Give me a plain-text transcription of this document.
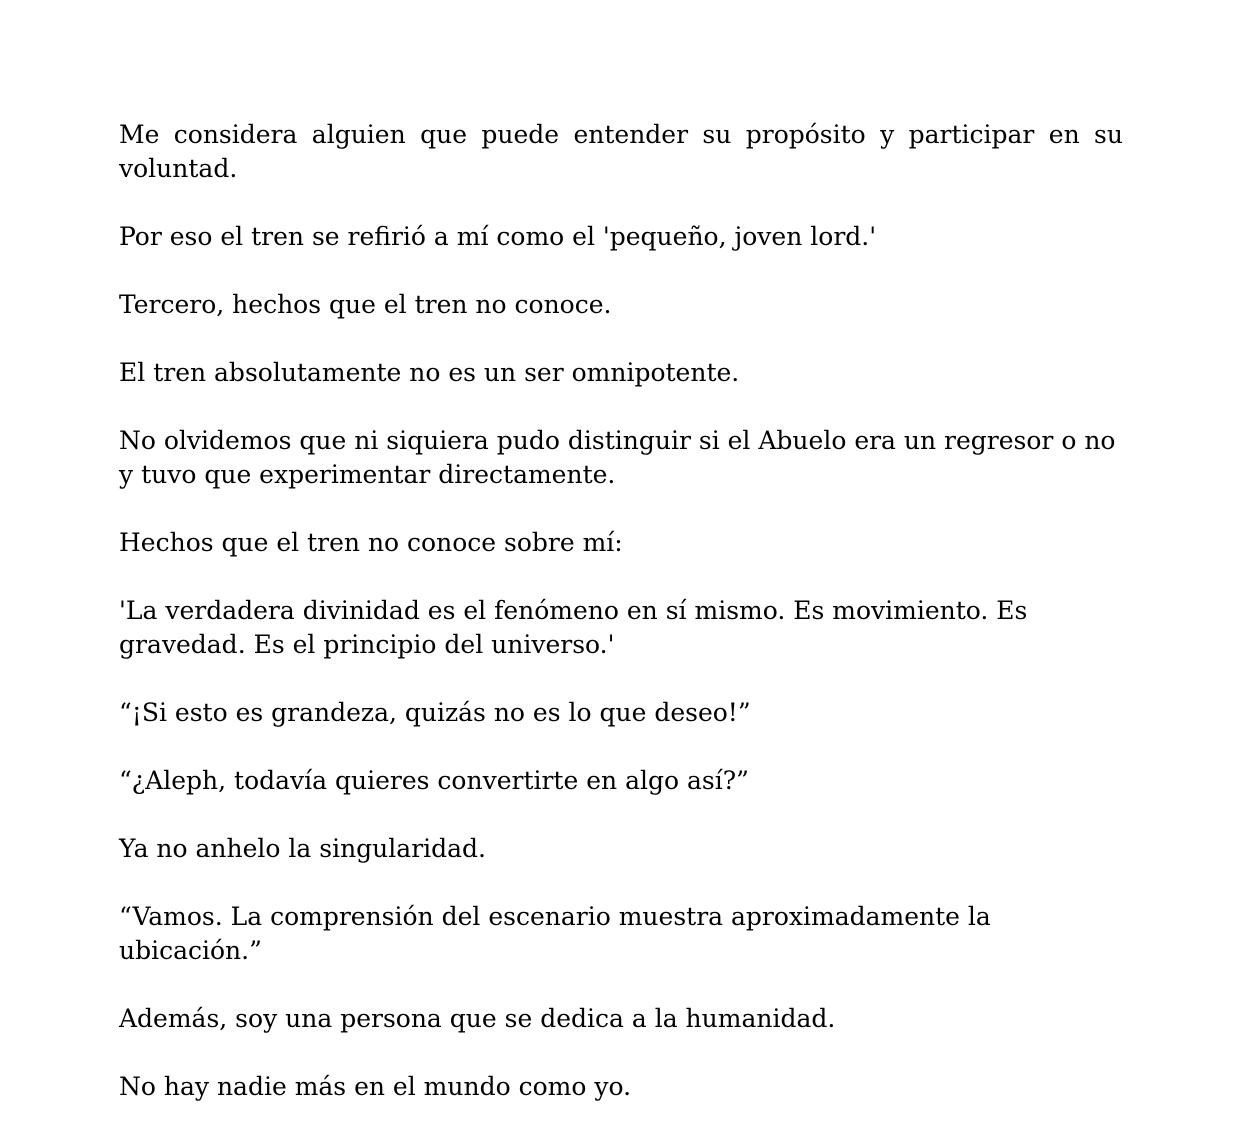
Me considera alguien que puede entender su propósito y participar en su voluntad.

Por eso el tren se refirió a mí como el 'pequeño, joven lord.'

Tercero, hechos que el tren no conoce.

El tren absolutamente no es un ser omnipotente.

No olvidemos que ni siquiera pudo distinguir si el Abuelo era un regresor o no y tuvo que experimentar directamente.

Hechos que el tren no conoce sobre mí:

'La verdadera divinidad es el fenómeno en sí mismo. Es movimiento. Es gravedad. Es el principio del universo.'

“¡Si esto es grandeza, quizás no es lo que deseo!”

“¿Aleph, todavía quieres convertirte en algo así?”

Ya no anhelo la singularidad.

“Vamos. La comprensión del escenario muestra aproximadamente la ubicación.”

Además, soy una persona que se dedica a la humanidad.

No hay nadie más en el mundo como yo.
